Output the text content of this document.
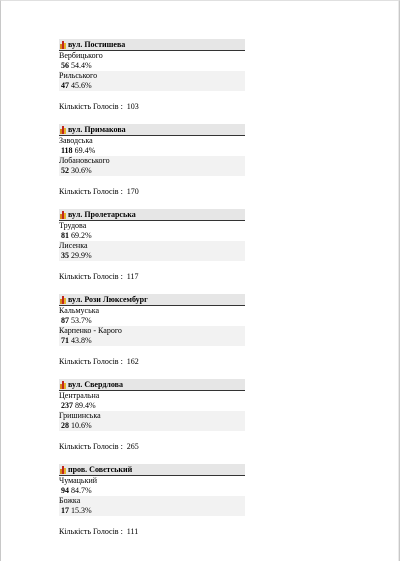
вул. Постишева
Вербицького
56 54.4%
Рильського
47 45.6%
Кількість Голосів : 103
вул. Примакова
Заводська
118 69.4%
Лобановського
52 30.6%
Кількість Голосів : 170
вул. Пролетарська
Трудова
81 69.2%
Лисенка
35 29.9%
Кількість Голосів : 117
вул. Рози Люксембург
Кальмуська
87 53.7%
Карпенко - Карого
71 43.8%
Кількість Голосів : 162
вул. Свердлова
Центральна
237 89.4%
Гришинська
28 10.6%
Кількість Голосів : 265
пров. Совєтський
Чумацький
94 84.7%
Божка
17 15.3%
Кількість Голосів : 111
